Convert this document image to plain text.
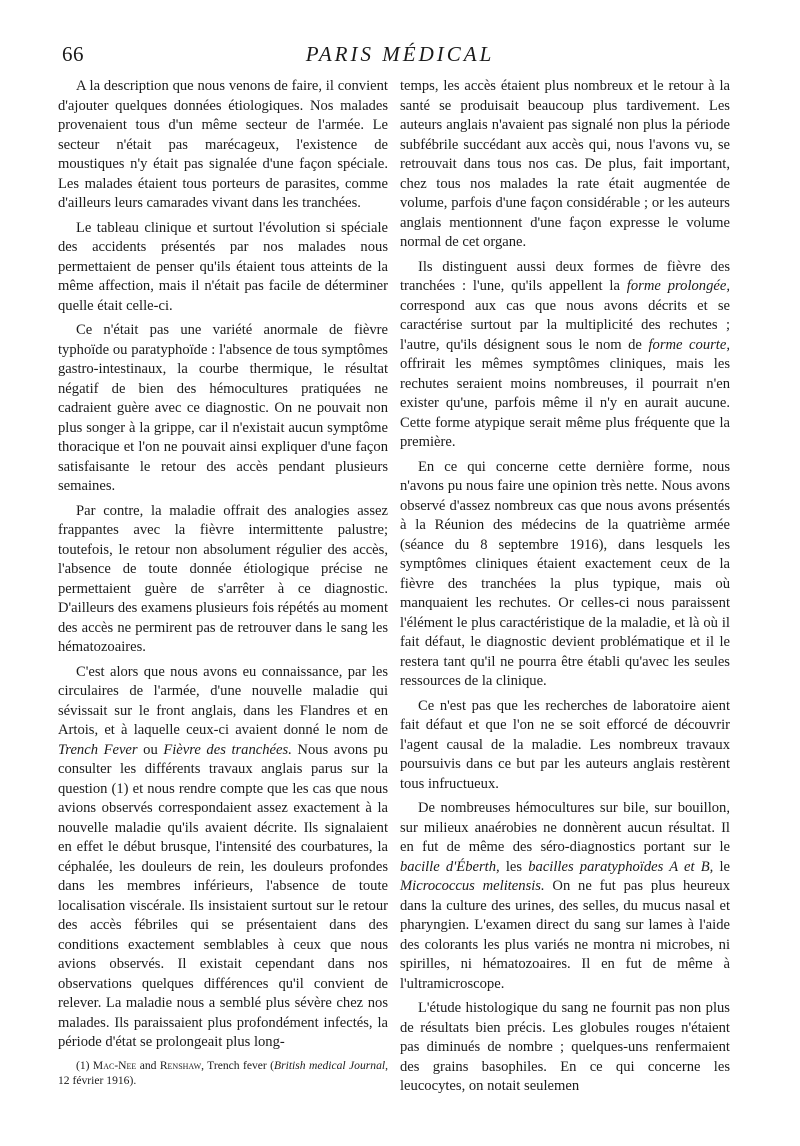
66	PARIS MÉDICAL

A la description que nous venons de faire, il convient d'ajouter quelques données étiologiques. Nos malades provenaient tous d'un même secteur de l'armée. Le secteur n'était pas marécageux, l'existence de moustiques n'y était pas signalée d'une façon spéciale. Les malades étaient tous porteurs de parasites, comme d'ailleurs leurs camarades vivant dans les tranchées.

Le tableau clinique et surtout l'évolution si spéciale des accidents présentés par nos malades nous permettaient de penser qu'ils étaient tous atteints de la même affection, mais il n'était pas facile de déterminer quelle était celle-ci.

Ce n'était pas une variété anormale de fièvre typhoïde ou paratyphoïde : l'absence de tous symptômes gastro-intestinaux, la courbe thermique, le résultat négatif de bien des hémocultures pratiquées ne cadraient guère avec ce diagnostic. On ne pouvait non plus songer à la grippe, car il n'existait aucun symptôme thoracique et l'on ne pouvait ainsi expliquer d'une façon satisfaisante le retour des accès pendant plusieurs semaines.

Par contre, la maladie offrait des analogies assez frappantes avec la fièvre intermittente palustre; toutefois, le retour non absolument régulier des accès, l'absence de toute donnée étiologique précise ne permettaient guère de s'arrêter à ce diagnostic. D'ailleurs des examens plusieurs fois répétés au moment des accès ne permirent pas de retrouver dans le sang les hématozoaires.

C'est alors que nous avons eu connaissance, par les circulaires de l'armée, d'une nouvelle maladie qui sévissait sur le front anglais, dans les Flandres et en Artois, et à laquelle ceux-ci avaient donné le nom de Trench Fever ou Fièvre des tranchées. Nous avons pu consulter les différents travaux anglais parus sur la question (1) et nous rendre compte que les cas que nous avions observés correspondaient assez exactement à la nouvelle maladie qu'ils avaient décrite. Ils signalaient en effet le début brusque, l'intensité des courbatures, la céphalée, les douleurs de rein, les douleurs profondes dans les membres inférieurs, l'absence de toute localisation viscérale. Ils insistaient surtout sur le retour des accès fébriles qui se présentaient dans des conditions exactement semblables à ceux que nous avions observés. Il existait cependant dans nos observations quelques différences qu'il convient de relever. La maladie nous a semblé plus sévère chez nos malades. Ils paraissaient plus profondément infectés, la période d'état se prolongeait plus long-

(1) Mac-Nee and Renshaw, Trench fever (British medical Journal, 12 février 1916).

temps, les accès étaient plus nombreux et le retour à la santé se produisait beaucoup plus tardivement. Les auteurs anglais n'avaient pas signalé non plus la période subfébrile succédant aux accès qui, nous l'avons vu, se retrouvait dans tous nos cas. De plus, fait important, chez tous nos malades la rate était augmentée de volume, parfois d'une façon considérable ; or les auteurs anglais mentionnent d'une façon expresse le volume normal de cet organe.

Ils distinguent aussi deux formes de fièvre des tranchées : l'une, qu'ils appellent la forme prolongée, correspond aux cas que nous avons décrits et se caractérise surtout par la multiplicité des rechutes ; l'autre, qu'ils désignent sous le nom de forme courte, offrirait les mêmes symptômes cliniques, mais les rechutes seraient moins nombreuses, il pourrait n'en exister qu'une, parfois même il n'y en aurait aucune. Cette forme atypique serait même plus fréquente que la première.

En ce qui concerne cette dernière forme, nous n'avons pu nous faire une opinion très nette. Nous avons observé d'assez nombreux cas que nous avons présentés à la Réunion des médecins de la quatrième armée (séance du 8 septembre 1916), dans lesquels les symptômes cliniques étaient exactement ceux de la fièvre des tranchées la plus typique, mais où manquaient les rechutes. Or celles-ci nous paraissent l'élément le plus caractéristique de la maladie, et là où il fait défaut, le diagnostic devient problématique et il le restera tant qu'il ne pourra être établi qu'avec les seules ressources de la clinique.

Ce n'est pas que les recherches de laboratoire aient fait défaut et que l'on ne se soit efforcé de découvrir l'agent causal de la maladie. Les nombreux travaux poursuivis dans ce but par les auteurs anglais restèrent tous infructueux.

De nombreuses hémocultures sur bile, sur bouillon, sur milieux anaérobies ne donnèrent aucun résultat. Il en fut de même des séro-diagnostics portant sur le bacille d'Éberth, les bacilles paratyphoïdes A et B, le Micrococcus melitensis. On ne fut pas plus heureux dans la culture des urines, des selles, du mucus nasal et pharyngien. L'examen direct du sang sur lames à l'aide des colorants les plus variés ne montra ni microbes, ni spirilles, ni hématozoaires. Il en fut de même à l'ultramicroscope.

L'étude histologique du sang ne fournit pas non plus de résultats bien précis. Les globules rouges n'étaient pas diminués de nombre ; quelques-uns renfermaient des grains basophiles. En ce qui concerne les leucocytes, on notait seulemen
